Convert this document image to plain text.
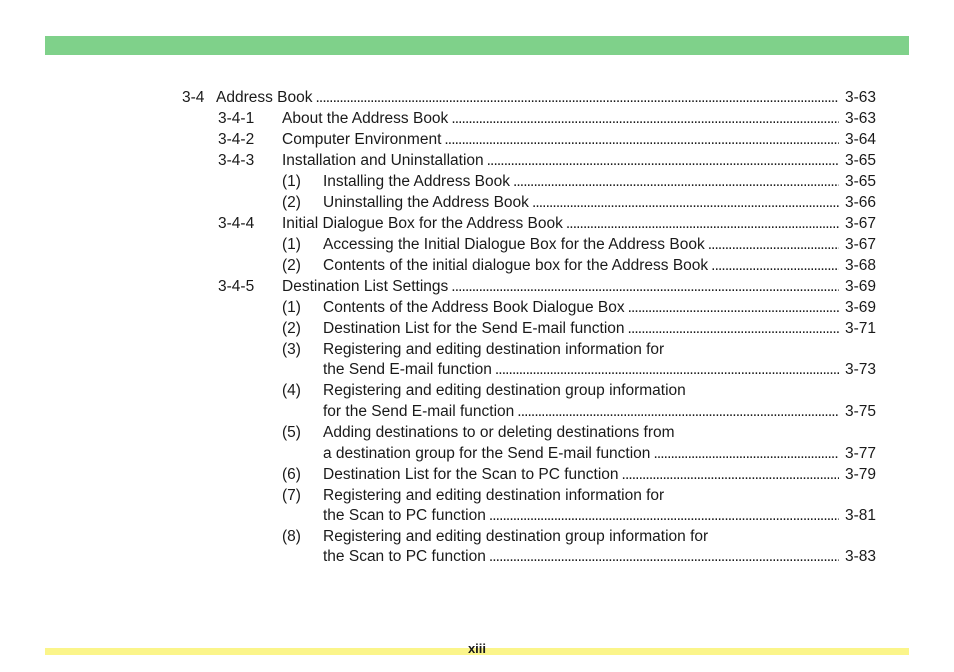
3-4 Address Book . . .	3-63
3-4-1 About the Address Book . . .	3-63
3-4-2 Computer Environment . . .	3-64
3-4-3 Installation and Uninstallation . . .	3-65
(1) Installing the Address Book . . .	3-65
(2) Uninstalling the Address Book . . .	3-66
3-4-4 Initial Dialogue Box for the Address Book . . .	3-67
(1) Accessing the Initial Dialogue Box for the Address Book . . .	3-67
(2) Contents of the initial dialogue box for the Address Book . . .	3-68
3-4-5 Destination List Settings . . .	3-69
(1) Contents of the Address Book Dialogue Box . . .	3-69
(2) Destination List for the Send E-mail function . . .	3-71
(3) Registering and editing destination information for
the Send E-mail function . . .	3-73
(4) Registering and editing destination group information
for the Send E-mail function . . .	3-75
(5) Adding destinations to or deleting destinations from
a destination group for the Send E-mail function . . .	3-77
(6) Destination List for the Scan to PC function . . .	3-79
(7) Registering and editing destination information for
the Scan to PC function . . .	3-81
(8) Registering and editing destination group information for
the Scan to PC function . . .	3-83
xiii
